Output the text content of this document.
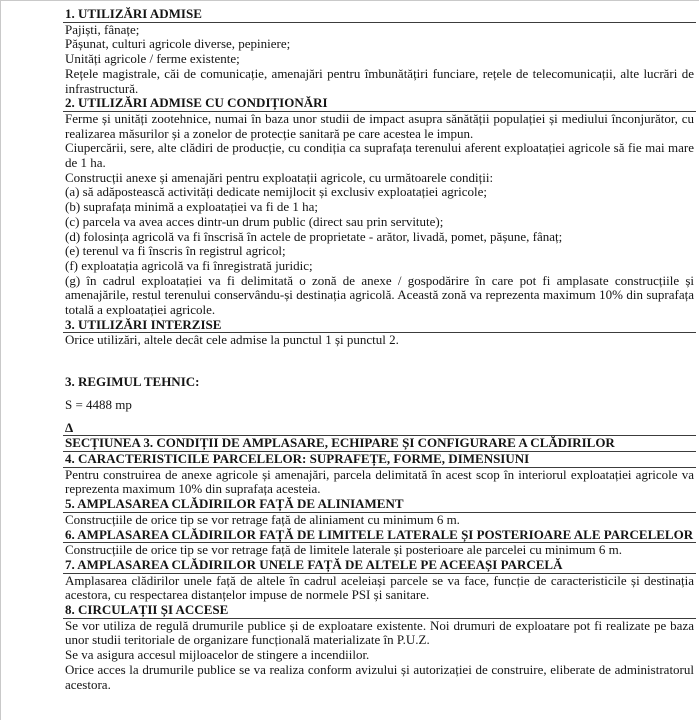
1. UTILIZĂRI ADMISE
Pajiști, fânațe;
Pășunat, culturi agricole diverse, pepiniere;
Unități agricole / ferme existente;
Rețele magistrale, căi de comunicație, amenajări pentru îmbunătățiri funciare, rețele de telecomunicații, alte lucrări de infrastructură.
2. UTILIZĂRI ADMISE CU CONDIȚIONĂRI
Ferme și unități zootehnice, numai în baza unor studii de impact asupra sănătății populației și mediului înconjurător, cu realizarea măsurilor și a zonelor de protecție sanitară pe care acestea le impun.
Ciupercării, sere, alte clădiri de producție, cu condiția ca suprafața terenului aferent exploatației agricole să fie mai mare de 1 ha.
Construcții anexe și amenajări pentru exploatații agricole, cu următoarele condiții:
(a) să adăpostească activități dedicate nemijlocit și exclusiv exploatației agricole;
(b) suprafața minimă a exploatației va fi de 1 ha;
(c) parcela va avea acces dintr-un drum public (direct sau prin servitute);
(d) folosința agricolă va fi înscrisă în actele de proprietate - arător, livadă, pomet, pășune, fânaț;
(e) terenul va fi înscris în registrul agricol;
(f) exploatația agricolă va fi înregistrată juridic;
(g) în cadrul exploatației va fi delimitată o zonă de anexe / gospodărire în care pot fi amplasate construcțiile și amenajările, restul terenului conservându-și destinația agricolă. Această zonă va reprezenta maximum 10% din suprafața totală a exploatației agricole.
3. UTILIZĂRI INTERZISE
Orice utilizări, altele decât cele admise la punctul 1 și punctul 2.
3. REGIMUL TEHNIC:
S = 4488 mp
Δ
SECȚIUNEA 3. CONDIȚII DE AMPLASARE, ECHIPARE ȘI CONFIGURARE A CLĂDIRILOR
4. CARACTERISTICILE PARCELELOR: SUPRAFEȚE, FORME, DIMENSIUNI
Pentru construirea de anexe agricole și amenajări, parcela delimitată în acest scop în interiorul exploatației agricole va reprezenta maximum 10% din suprafața acesteia.
5. AMPLASAREA CLĂDIRILOR FAȚĂ DE ALINIAMENT
Construcțiile de orice tip se vor retrage față de aliniament cu minimum 6 m.
6. AMPLASAREA CLĂDIRILOR FAȚĂ DE LIMITELE LATERALE ȘI POSTERIOARE ALE PARCELELOR
Construcțiile de orice tip se vor retrage față de limitele laterale și posterioare ale parcelei cu minimum 6 m.
7. AMPLASAREA CLĂDIRILOR UNELE FAȚĂ DE ALTELE PE ACEEAȘI PARCELĂ
Amplasarea clădirilor unele față de altele în cadrul aceleiași parcele se va face, funcție de caracteristicile și destinația acestora, cu respectarea distanțelor impuse de normele PSI și sanitare.
8. CIRCULAȚII ȘI ACCESE
Se vor utiliza de regulă drumurile publice și de exploatare existente. Noi drumuri de exploatare pot fi realizate pe baza unor studii teritoriale de organizare funcțională materializate în P.U.Z.
Se va asigura accesul mijloacelor de stingere a incendiilor.
Orice acces la drumurile publice se va realiza conform avizului și autorizației de construire, eliberate de administratorul acestora.
